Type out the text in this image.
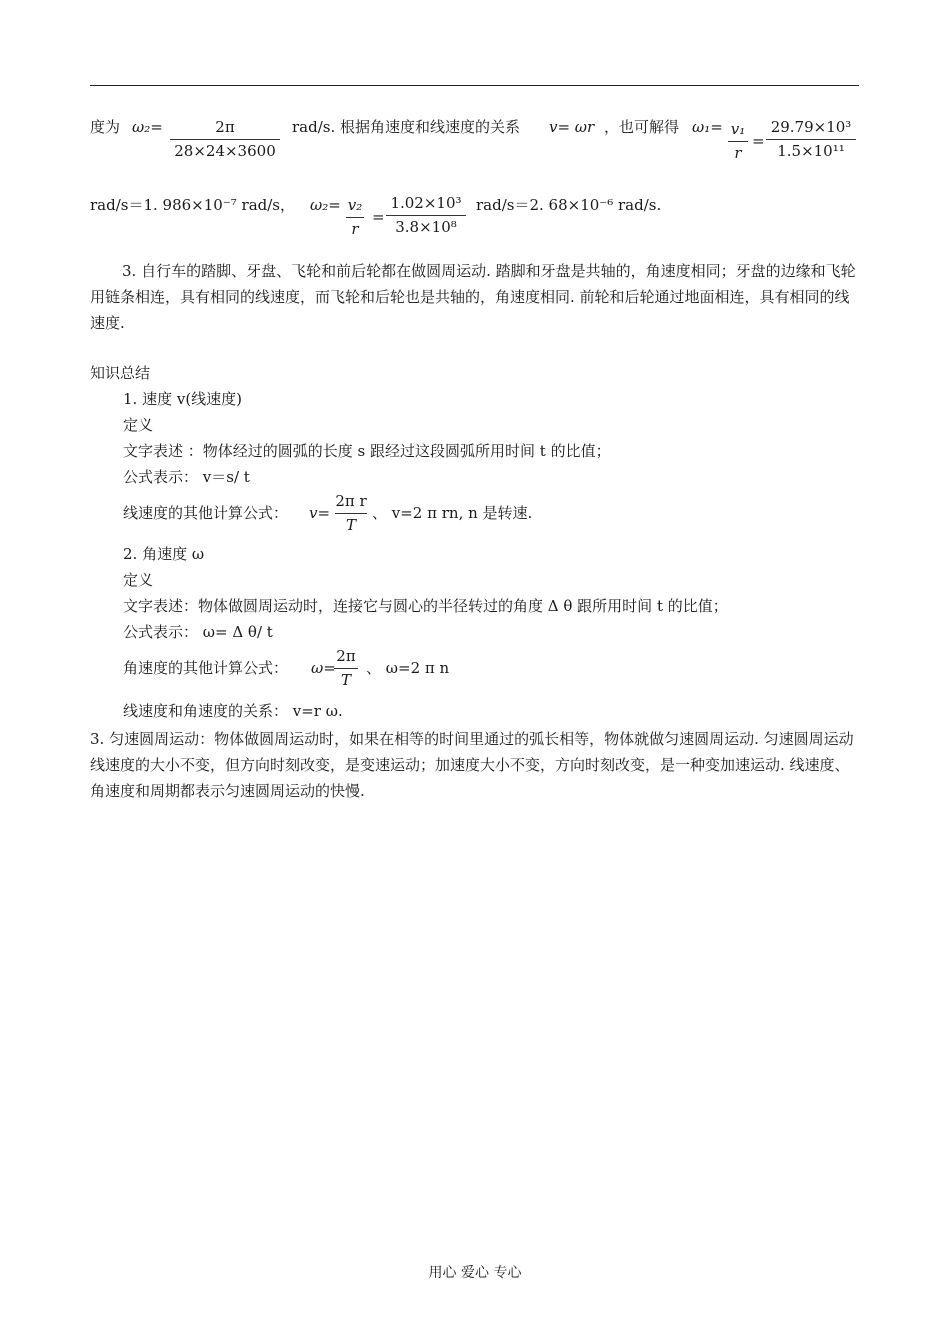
度为 ω₂=	2π
28×24×3600
rad/s. 根据角速度和线速度的关系 v= ωr ，也可解得 ω₁= v₁
r
=
29.79×10³
1.5×10¹¹
rad/s＝1. 986×10⁻⁷ rad/s， ω₂= v₂
r
=
1.02×10³
3.8×10⁸
rad/s＝2. 68×10⁻⁶ rad/s.
3. 自行车的踏脚、牙盘、飞轮和前后轮都在做圆周运动. 踏脚和牙盘是共轴的，角速度相同；牙盘的边缘和飞轮用链条相连，具有相同的线速度，而飞轮和后轮也是共轴的，角速度相同. 前轮和后轮通过地面相连，具有相同的线速度.
知识总结
1. 速度 v(线速度)
定义
文字表述 ：物体经过的圆弧的长度 s 跟经过这段圆弧所用时间 t 的比值；
公式表示： v＝s/ t
线速度的其他计算公式： v=
2π r
T
、 v=2 π rn, n 是转速.
2. 角速度 ω
定义
文字表述：物体做圆周运动时，连接它与圆心的半径转过的角度 Δ θ 跟所用时间 t 的比值；
公式表示： ω= Δ θ/ t
角速度的其他计算公式： ω=
2π
T
、 ω=2 π n
线速度和角速度的关系： v=r ω.
3. 匀速圆周运动：物体做圆周运动时，如果在相等的时间里通过的弧长相等，物体就做匀速圆周运动. 匀速圆周运动线速度的大小不变，但方向时刻改变，是变速运动；加速度大小不变，方向时刻改变，是一种变加速运动. 线速度、角速度和周期都表示匀速圆周运动的快慢.
用心 爱心 专心
